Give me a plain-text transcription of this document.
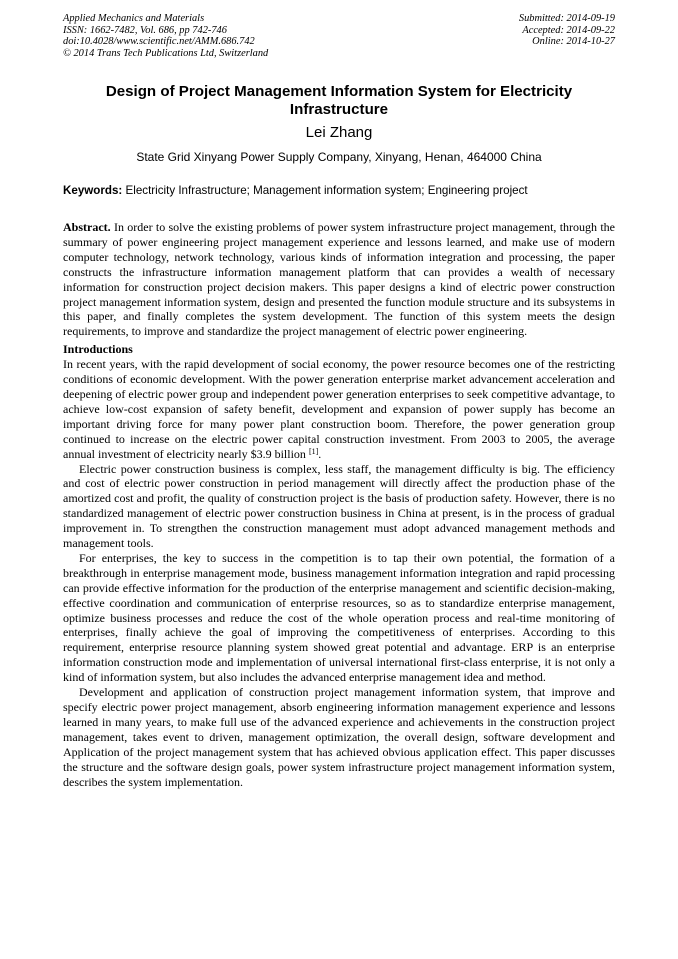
Applied Mechanics and Materials
ISSN: 1662-7482, Vol. 686, pp 742-746
doi:10.4028/www.scientific.net/AMM.686.742
© 2014 Trans Tech Publications Ltd, Switzerland
Submitted: 2014-09-19
Accepted: 2014-09-22
Online: 2014-10-27
Design of Project Management Information System for Electricity Infrastructure
Lei Zhang
State Grid Xinyang Power Supply Company, Xinyang, Henan, 464000 China
Keywords: Electricity Infrastructure; Management information system; Engineering project

Abstract. In order to solve the existing problems of power system infrastructure project management, through the summary of power engineering project management experience and lessons learned, and make use of modern computer technology, network technology, various kinds of information integration and processing, the paper constructs the infrastructure information management platform that can provides a wealth of necessary information for construction project decision makers. This paper designs a kind of electric power construction project management information system, design and presented the function module structure and its subsystems in this paper, and finally completes the system development. The function of this system meets the design requirements, to improve and standardize the project management of electric power engineering.

Introductions

In recent years, with the rapid development of social economy, the power resource becomes one of the restricting conditions of economic development. With the power generation enterprise market advancement acceleration and deepening of electric power group and independent power generation enterprises to seek competitive advantage, to achieve low-cost expansion of safety benefit, development and expansion of power supply has become an important driving force for many power plant construction boom. Therefore, the power generation group continued to increase on the electric power capital construction investment. From 2003 to 2005, the average annual investment of electricity nearly $3.9 billion [1].

Electric power construction business is complex, less staff, the management difficulty is big. The efficiency and cost of electric power construction in period management will directly affect the production phase of the amortized cost and profit, the quality of construction project is the basis of production safety. However, there is no standardized management of electric power construction business in China at present, is in the process of gradual improvement in. To strengthen the construction management must adopt advanced management methods and management tools.

For enterprises, the key to success in the competition is to tap their own potential, the formation of a breakthrough in enterprise management mode, business management information integration and rapid processing can provide effective information for the production of the enterprise management and scientific decision-making, effective coordination and communication of enterprise resources, so as to standardize enterprise management, optimize business processes and reduce the cost of the whole operation process and real-time monitoring of enterprises, finally achieve the goal of improving the competitiveness of enterprises. According to this requirement, enterprise resource planning system showed great potential and advantage. ERP is an enterprise information construction mode and implementation of universal international first-class enterprise, it is not only a kind of information system, but also includes the advanced enterprise management idea and method.

Development and application of construction project management information system, that improve and specify electric power project management, absorb engineering information management experience and lessons learned in many years, to make full use of the advanced experience and achievements in the construction project management, takes event to driven, management optimization, the overall design, software development and Application of the project management system that has achieved obvious application effect. This paper discusses the structure and the software design goals, power system infrastructure project management information system, describes the system implementation.
